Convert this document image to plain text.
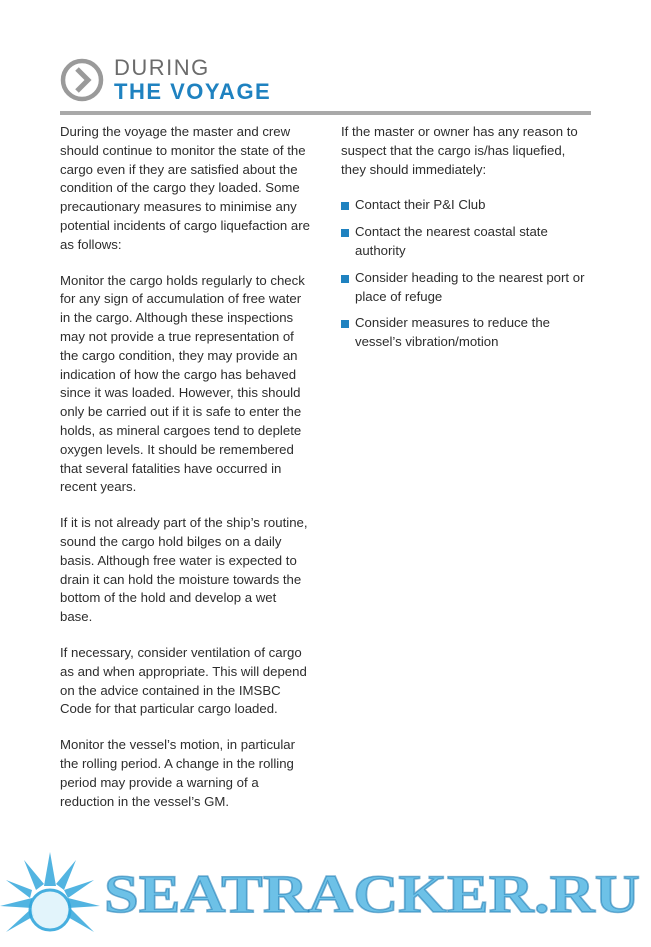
DURING
THE VOYAGE

During the voyage the master and crew should continue to monitor the state of the cargo even if they are satisfied about the condition of the cargo they loaded. Some precautionary measures to minimise any potential incidents of cargo liquefaction are as follows:

Monitor the cargo holds regularly to check for any sign of accumulation of free water in the cargo. Although these inspections may not provide a true representation of the cargo condition, they may provide an indication of how the cargo has behaved since it was loaded. However, this should only be carried out if it is safe to enter the holds, as mineral cargoes tend to deplete oxygen levels. It should be remembered that several fatalities have occurred in recent years.

If it is not already part of the ship’s routine, sound the cargo hold bilges on a daily basis. Although free water is expected to drain it can hold the moisture towards the bottom of the hold and develop a wet base.

If necessary, consider ventilation of cargo as and when appropriate. This will depend on the advice contained in the IMSBC Code for that particular cargo loaded.

Monitor the vessel’s motion, in particular the rolling period. A change in the rolling period may provide a warning of a reduction in the vessel’s GM.

If the master or owner has any reason to suspect that the cargo is/has liquefied, they should immediately:

Contact their P&I Club
Contact the nearest coastal state authority
Consider heading to the nearest port or place of refuge
Consider measures to reduce the vessel’s vibration/motion
SEATRACKER.RU
